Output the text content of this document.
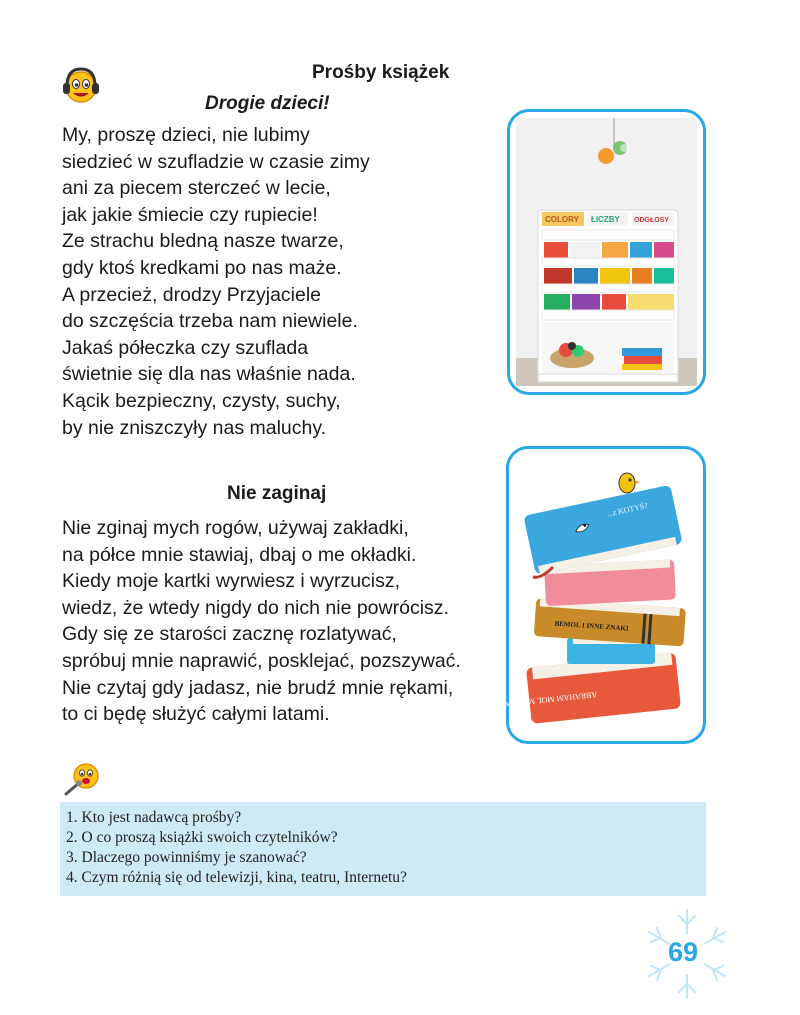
Prośby książek
Drogie dzieci!
My, proszę dzieci, nie lubimy
siedzieć w szufladzie w czasie zimy
ani za piecem sterczeć w lecie,
jak jakie śmiecie czy rupiecie!
Ze strachu bledną nasze twarze,
gdy ktoś kredkami po nas maże.
A przecież, drodzy Przyjaciele
do szczęścia trzeba nam niewiele.
Jakaś półeczka czy szuflada
świetnie się dla nas właśnie nada.
Kącik bezpieczny, czysty, suchy,
by nie zniszczyły nas maluchy.
COLORY ŁICZBY ODGŁOSY
Nie zaginaj
Nie zginaj mych rogów, używaj zakładki,
na półce mnie stawiaj, dbaj o me okładki.
Kiedy moje kartki wyrwiesz i wyrzucisz,
wiedz, że wtedy nigdy do nich nie powrócisz.
Gdy się ze starości zacznę rozlatywać,
spróbuj mnie naprawić, posklejać, pozszywać.
Nie czytaj gdy jadasz, nie brudź mnie rękami,
to ci będę służyć całymi latami.
ABRAHAM MOL MOJE POSŁKI
BEMOL I INNE ZNAKI
...z KOTYŚ?
1. Kto jest nadawcą prośby?
2. O co proszą książki swoich czytelników?
3. Dlaczego powinniśmy je szanować?
4. Czym różnią się od telewizji, kina, teatru, Internetu?
69
